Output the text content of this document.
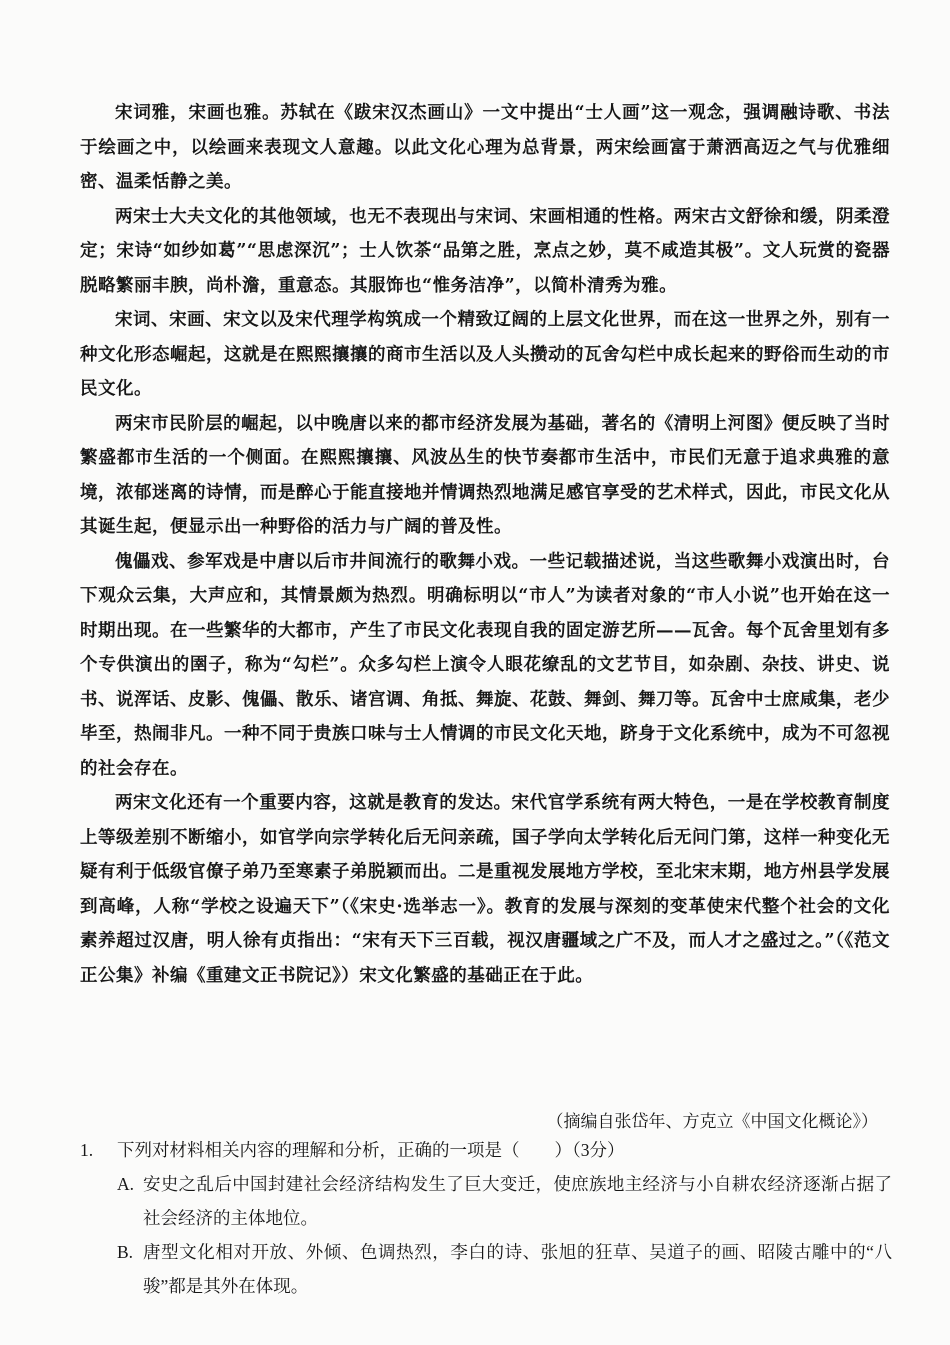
宋词雅，宋画也雅。苏轼在《跋宋汉杰画山》一文中提出“士人画”这一观念，强调融诗歌、书法于绘画之中，以绘画来表现文人意趣。以此文化心理为总背景，两宋绘画富于萧洒高迈之气与优雅细密、温柔恬静之美。

两宋士大夫文化的其他领域，也无不表现出与宋词、宋画相通的性格。两宋古文舒徐和缓，阴柔澄定；宋诗“如纱如葛”“思虑深沉”；士人饮茶“品第之胜，烹点之妙，莫不咸造其极”。文人玩赏的瓷器脱略繁丽丰腴，尚朴澹，重意态。其服饰也“惟务洁净”，以简朴清秀为雅。

宋词、宋画、宋文以及宋代理学构筑成一个精致辽阔的上层文化世界，而在这一世界之外，别有一种文化形态崛起，这就是在熙熙攘攘的商市生活以及人头攒动的瓦舍勾栏中成长起来的野俗而生动的市民文化。

两宋市民阶层的崛起，以中晚唐以来的都市经济发展为基础，著名的《清明上河图》便反映了当时繁盛都市生活的一个侧面。在熙熙攘攘、风波丛生的快节奏都市生活中，市民们无意于追求典雅的意境，浓郁迷离的诗情，而是醉心于能直接地并情调热烈地满足感官享受的艺术样式，因此，市民文化从其诞生起，便显示出一种野俗的活力与广阔的普及性。

傀儡戏、参军戏是中唐以后市井间流行的歌舞小戏。一些记载描述说，当这些歌舞小戏演出时，台下观众云集，大声应和，其情景颇为热烈。明确标明以“市人”为读者对象的“市人小说”也开始在这一时期出现。在一些繁华的大都市，产生了市民文化表现自我的固定游艺所——瓦舍。每个瓦舍里划有多个专供演出的圉子，称为“勾栏”。众多勾栏上演令人眼花缭乱的文艺节目，如杂剧、杂技、讲史、说书、说浑话、皮影、傀儡、散乐、诸宫调、角抵、舞旋、花鼓、舞剑、舞刀等。瓦舍中士庶咸集，老少毕至，热闹非凡。一种不同于贵族口味与士人情调的市民文化天地，跻身于文化系统中，成为不可忽视的社会存在。

两宋文化还有一个重要内容，这就是教育的发达。宋代官学系统有两大特色，一是在学校教育制度上等级差别不断缩小，如官学向宗学转化后无问亲疏，国子学向太学转化后无问门第，这样一种变化无疑有利于低级官僚子弟乃至寒素子弟脱颖而出。二是重视发展地方学校，至北宋末期，地方州县学发展到高峰，人称“学校之设遍天下”（《宋史·选举志一》。教育的发展与深刻的变革使宋代整个社会的文化素养超过汉唐，明人徐有贞指出：“宋有天下三百载，视汉唐疆域之广不及，而人才之盛过之。”（《范文正公集》补编《重建文正书院记》）宋文化繁盛的基础正在于此。

（摘编自张岱年、方克立《中国文化概论》）
1.	下列对材料相关内容的理解和分析，正确的一项是（　　）（3分）
A. 安史之乱后中国封建社会经济结构发生了巨大变迁，使庶族地主经济与小自耕农经济逐渐占据了社会经济的主体地位。
B. 唐型文化相对开放、外倾、色调热烈，李白的诗、张旭的狂草、吴道子的画、昭陵古雕中的“八骏”都是其外在体现。
